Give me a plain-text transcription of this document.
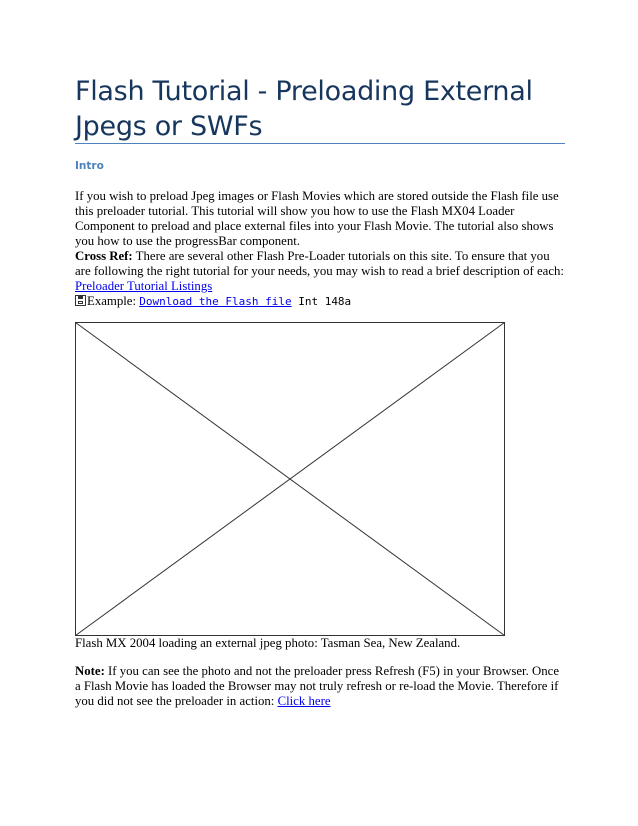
Flash Tutorial - Preloading External Jpegs or SWFs
Intro

If you wish to preload Jpeg images or Flash Movies which are stored outside the Flash file use this preloader tutorial. This tutorial will show you how to use the Flash MX04 Loader Component to preload and place external files into your Flash Movie. The tutorial also shows you how to use the progressBar component.

Cross Ref: There are several other Flash Pre-Loader tutorials on this site. To ensure that you are following the right tutorial for your needs, you may wish to read a brief description of each:
Preloader Tutorial Listings

Example: Download the Flash file Int 148a

Flash MX 2004 loading an external jpeg photo: Tasman Sea, New Zealand.

Note: If you can see the photo and not the preloader press Refresh (F5) in your Browser. Once a Flash Movie has loaded the Browser may not truly refresh or re-load the Movie. Therefore if you did not see the preloader in action: Click here
